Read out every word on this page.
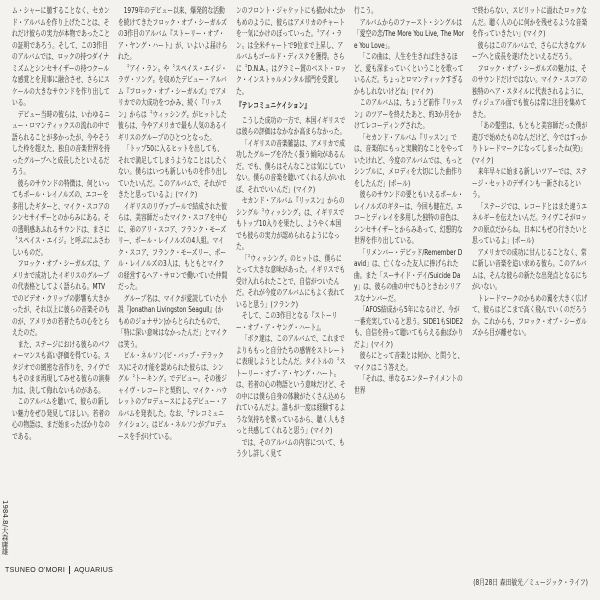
ム・シャーに臆することなく、セカンド・アルバムを作り上げたことは、それだけ彼らの実力が本物であったことの証明であろう。そして、この3作目のアルバムでは、ロックの持つダイナミズムとシンセサイザーの持つクールな感覚とを見事に融合させ、さらにスケールの大きなサウンドを作り出している。

デビュー当時の彼らは、いわゆるニュー・ロマンティックスの流れの中で語られることが多かったが、今やそうした枠を超えた、独自の音楽世界を持ったグループへと成長したといえるだろう。

彼らのサウンドの特徴は、何といってもポール・レイノルズの、エコーを多用したギターと、マイク・スコアのシンセサイザーとのからみにある。その透明感あふれるサウンドは、まさに〝スペイス・エイジ〟と呼ぶにふさわしいものだ。

フロック・オブ・シーガルズは、アメリカで成功したイギリスのグループの代表格としてよく語られる。MTVでのビデオ・クリップの影響も大きかったが、それ以上に彼らの音楽そのものが、アメリカの若者たちの心をとらえたのだ。

また、ステージにおける彼らのパフォーマンスも高い評価を得ている。スタジオでの緻密な音作りを、ライヴでもそのまま再現してみせる彼らの演奏力は、決して侮れないものがある。

このアルバムを聴いて、彼らの新しい魅力をぜひ発見してほしい。若者の心の物語は、まだ始まったばかりなのである。

1984.8/大森庸雄
TSUNEO O'MORI AQUARIUS

1979年のデビュー以来、爆発的な活動を続けてきたフロック・オブ・シーガルズの3作目のアルバム『ストーリー・オブ・ア・ヤング・ハート』が、いよいよ届けられた。

〝アイ・ラン〟や〝スペイス・エイジ・ラヴ・ソング〟を収めたデビュー・アルバム『フロック・オブ・シーガルズ』でアメリカでの大成功をつかみ、続く『リッスン』からは〝ウィッシング〟がヒットした彼らは、今やアメリカで最も人気のあるイギリスのグループのひとつとなった。

「トップ50に入るヒットを出しても、それで満足してしまうようなことはしたくない。僕らはいつも新しいものを作り出していたいんだ。このアルバムで、それができたと思っているよ」(マイク)

イギリスのリヴァプールで結成された彼らは、美容師だったマイク・スコアを中心に、弟のアリ・スコア、フランク・モーズリー、ポール・レイノルズの4人組。マイク・スコア、フランク・モーズリー、ポール・レイノルズの3人は、もともとマイクの経営するヘア・サロンで働いていた仲間だった。

グループ名は、マイクが愛読していた小説『Jonathan Livingston Seagull』(かもめのジョナサン)からとられたもので、「特に深い意味はなかったんだ」とマイクは笑う。

ビル・ネルソン(ビ・バップ・デラックス)にその才能を認められた彼らは、シングル〝トーキング〟でデビュー。その後ジャイヴ・レコードと契約し、マイク・ハウレットのプロデュースによるデビュー・アルバムを発表した。なお、〝テレコミュニケイション〟はビル・ネルソンがプロデュースを手がけている。

ンのフロント・ジャケットにも描かれたかもめのように、彼らはアメリカのチャートを一気にかけのぼっていった。〝アイ・ラン〟は全米チャートで9位まで上昇し、アルバムもゴールド・ディスクを獲得。さらに〝D.N.A.〟はグラミー賞のベスト・ロック・インストゥルメンタル部門を受賞した。

『テレコミュニケイション』

こうした成功の一方で、本国イギリスでは彼らの評価はなかなか高まらなかった。

「イギリスの音楽雑誌は、アメリカで成功したグループを冷たく扱う傾向があるんだ。でも、僕らはそんなことは気にしていない。僕らの音楽を聴いてくれる人がいれば、それでいいんだ」(マイク)

セカンド・アルバム『リッスン』からのシングル〝ウィッシング〟は、イギリスでもトップ10入りを果たし、ようやく本国でも彼らの実力が認められるようになった。

「〝ウィッシング〟のヒットは、僕らにとって大きな意味があった。イギリスでも受け入れられたことで、自信がついたんだ。それが今度のアルバムにもよく表れていると思う」(フランク)

そして、この3作目となる『ストーリー・オブ・ア・ヤング・ハート』。

「ボク達は、このアルバムで、これまでよりももっと自分たちの感情をストレートに表現しようとしたんだ。タイトルの〝ストーリー・オブ・ア・ヤング・ハート〟は、若者の心の物語という意味だけど、その中には僕ら自身の体験がたくさん込められているんだよ。誰もが一度は経験するような気持ちを歌っているから、聴く人もきっと共感してくれると思う」(マイク)

では、そのアルバムの内容について、もう少し詳しく見て

行こう。

アルバムからのファースト・シングルは「愛空の恋/The More You Live, The More You Love」。

「この曲は、人生を生きれば生きるほど、愛も深まっていくということを歌っているんだ。ちょっとロマンティックすぎるかもしれないけどね」(マイク)

このアルバムは、ちょうど前作『リッスン』のツアーを終えたあと、約3か月をかけてレコーディングされた。

「セカンド・アルバム『リッスン』では、音楽的にもっと実験的なことをやっていたけれど、今度のアルバムでは、もっとシンプルに、メロディを大切にした曲作りをしたんだ」(ポール)

彼らのサウンドの要ともいえるポール・レイノルズのギターは、今回も健在だ。エコーとディレイを多用した独特の音色は、シンセサイザーとからみあって、幻想的な世界を作り出している。

「リメンバー・デビッド/Remember David」は、亡くなった友人に捧げられた曲。また「スーサイド・デイ/Suicide Day」は、彼らの曲の中でもひときわシリアスなナンバーだ。

「AFOS結成から5年になるけど、今が一番充実していると思う。SIDE1もSIDE2も、自信を持って聴いてもらえる曲ばかりだよ」(マイク)

彼らにとって音楽とは何か、と問うと、マイクはこう答えた。

「それは、単なるエンターテイメントの世界

で終わらない、スピリットに溢れたロックなんだ。聴く人の心に何かを残せるような音楽を作っていきたい」(マイク)

彼らはこのアルバムで、さらに大きなグループへと成長を遂げたといえるだろう。

フロック・オブ・シーガルズの魅力は、そのサウンドだけではない。マイク・スコアの独特のヘア・スタイルに代表されるように、ヴィジュアル面でも彼らは常に注目を集めてきた。

「あの髪型は、もともと美容師だった僕が遊びで始めたものなんだけど、今ではすっかりトレードマークになってしまったね(笑)」(マイク)

来年早々に始まる新しいツアーでは、ステージ・セットのデザインも一新されるという。

「ステージでは、レコードとはまた違うエネルギーを伝えたいんだ。ライヴこそがロックの原点だからね。日本にもぜひ行きたいと思っているよ」(ポール)

アメリカでの成功に甘んじることなく、常に新しい音楽を追い求める彼ら。このアルバムは、そんな彼らの新たな出発点となるにちがいない。

トレードマークのかもめの翼を大きく広げて、彼らはどこまで高く飛んでいくのだろうか。これからも、フロック・オブ・シーガルズから目が離せない。

(8月28日 森田敏光／ミュージック・ライフ)
